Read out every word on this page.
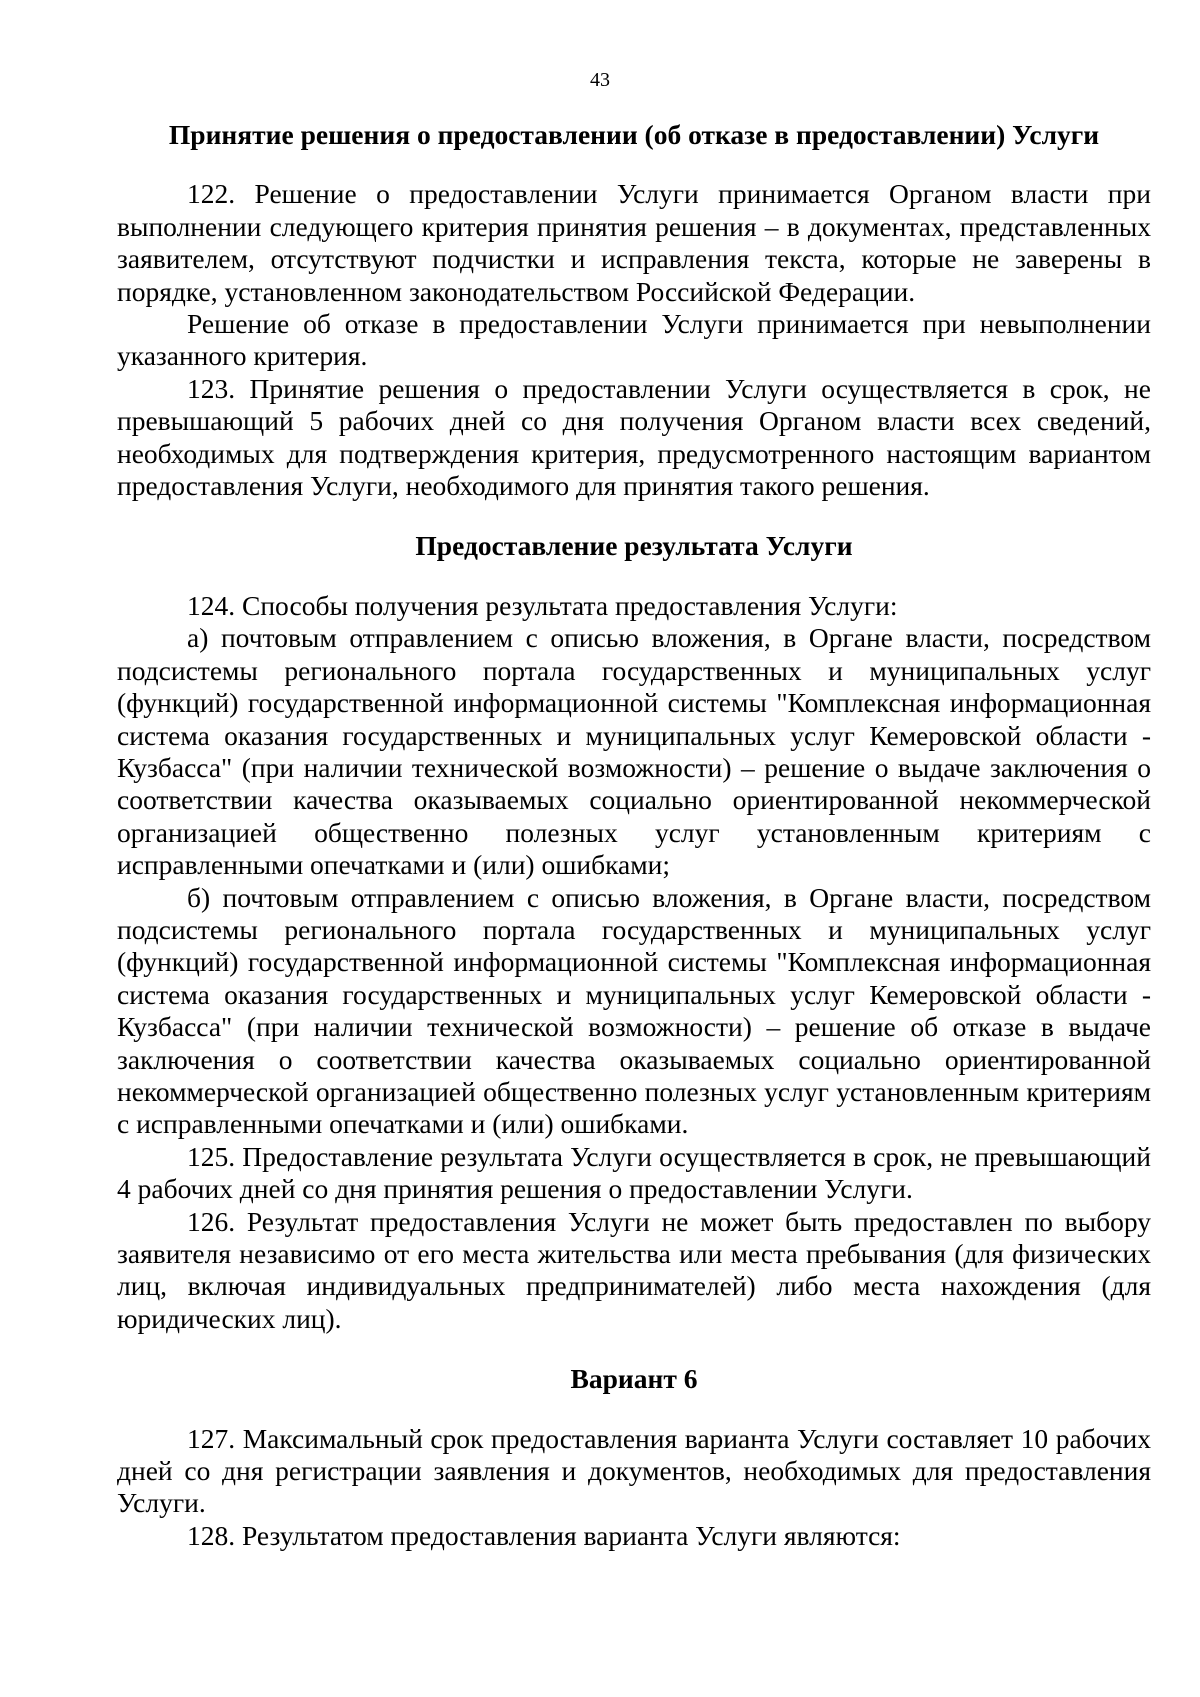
43

Принятие решения о предоставлении (об отказе в предоставлении) Услуги

122. Решение о предоставлении Услуги принимается Органом власти при выполнении следующего критерия принятия решения – в документах, представленных заявителем, отсутствуют подчистки и исправления текста, которые не заверены в порядке, установленном законодательством Российской Федерации.

Решение об отказе в предоставлении Услуги принимается при невыполнении указанного критерия.

123. Принятие решения о предоставлении Услуги осуществляется в срок, не превышающий 5 рабочих дней со дня получения Органом власти всех сведений, необходимых для подтверждения критерия, предусмотренного настоящим вариантом предоставления Услуги, необходимого для принятия такого решения.

Предоставление результата Услуги

124. Способы получения результата предоставления Услуги:

а) почтовым отправлением с описью вложения, в Органе власти, посредством подсистемы регионального портала государственных и муниципальных услуг (функций) государственной информационной системы "Комплексная информационная система оказания государственных и муниципальных услуг Кемеровской области - Кузбасса" (при наличии технической возможности) – решение о выдаче заключения о соответствии качества оказываемых социально ориентированной некоммерческой организацией общественно полезных услуг установленным критериям с исправленными опечатками и (или) ошибками;

б) почтовым отправлением с описью вложения, в Органе власти, посредством подсистемы регионального портала государственных и муниципальных услуг (функций) государственной информационной системы "Комплексная информационная система оказания государственных и муниципальных услуг Кемеровской области - Кузбасса" (при наличии технической возможности) – решение об отказе в выдаче заключения о соответствии качества оказываемых социально ориентированной некоммерческой организацией общественно полезных услуг установленным критериям с исправленными опечатками и (или) ошибками.

125. Предоставление результата Услуги осуществляется в срок, не превышающий 4 рабочих дней со дня принятия решения о предоставлении Услуги.

126. Результат предоставления Услуги не может быть предоставлен по выбору заявителя независимо от его места жительства или места пребывания (для физических лиц, включая индивидуальных предпринимателей) либо места нахождения (для юридических лиц).

Вариант 6

127. Максимальный срок предоставления варианта Услуги составляет 10 рабочих дней со дня регистрации заявления и документов, необходимых для предоставления Услуги.

128. Результатом предоставления варианта Услуги являются:
